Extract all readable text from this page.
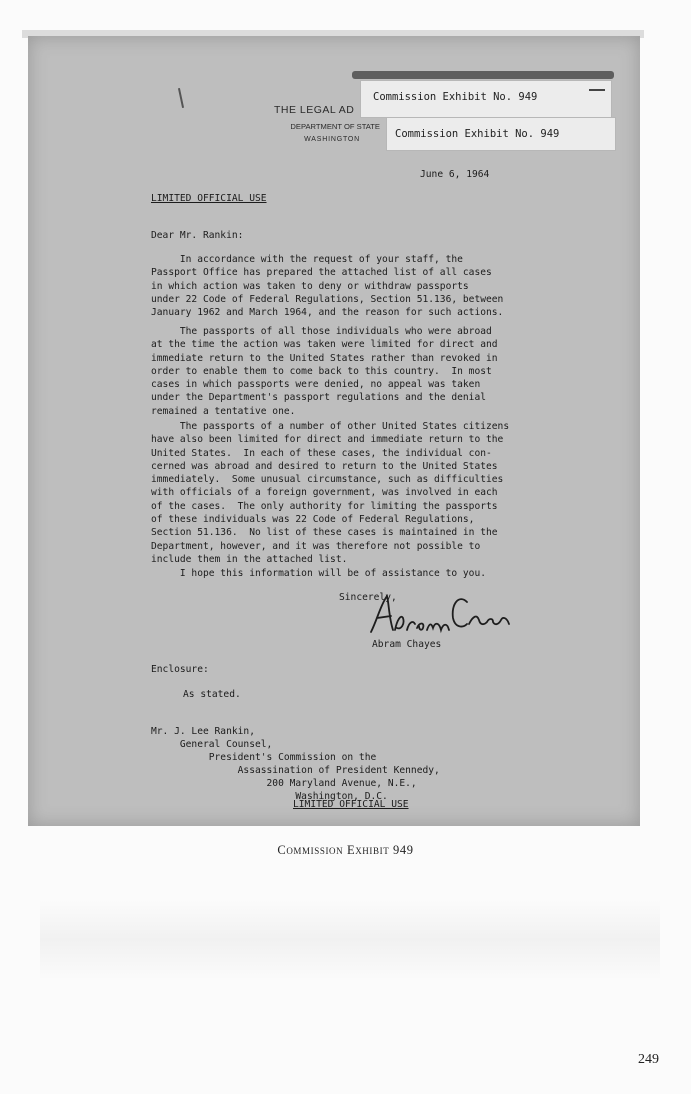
THE LEGAL AD
DEPARTMENT OF STATE
WASHINGTON
Commission Exhibit No. 949
Commission Exhibit No. 949
June 6, 1964
LIMITED OFFICIAL USE
Dear Mr. Rankin:
In accordance with the request of your staff, the
Passport Office has prepared the attached list of all cases
in which action was taken to deny or withdraw passports
under 22 Code of Federal Regulations, Section 51.136, between
January 1962 and March 1964, and the reason for such actions.
The passports of all those individuals who were abroad
at the time the action was taken were limited for direct and
immediate return to the United States rather than revoked in
order to enable them to come back to this country.  In most
cases in which passports were denied, no appeal was taken
under the Department's passport regulations and the denial
remained a tentative one.
The passports of a number of other United States citizens
have also been limited for direct and immediate return to the
United States.  In each of these cases, the individual con-
cerned was abroad and desired to return to the United States
immediately.  Some unusual circumstance, such as difficulties
with officials of a foreign government, was involved in each
of the cases.  The only authority for limiting the passports
of these individuals was 22 Code of Federal Regulations,
Section 51.136.  No list of these cases is maintained in the
Department, however, and it was therefore not possible to
include them in the attached list.
I hope this information will be of assistance to you.
Sincerely,
Abram Chayes
Abram Chayes
Enclosure:
As stated.
Mr. J. Lee Rankin,
General Counsel,
President's Commission on the
Assassination of President Kennedy,
200 Maryland Avenue, N.E.,
Washington, D.C.
LIMITED OFFICIAL USE
Commission Exhibit 949
249
